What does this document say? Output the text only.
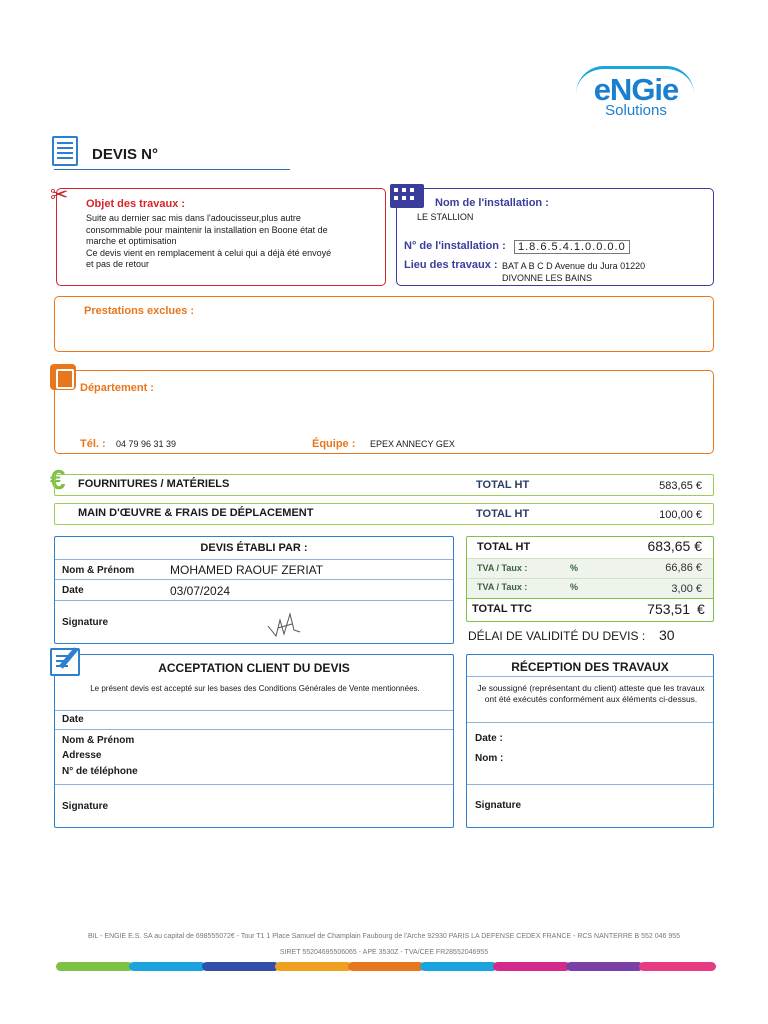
eNGie
Solutions
DEVIS N°
✂	Objet des travaux :
Suite au dernier sac mis dans l'adoucisseur,plus autre
consommable pour maintenir la installation en Boone état de
marche et optimisation
Ce devis vient en remplacement à celui qui a déjà été envoyé
et pas de retour
Nom de l'installation :
LE STALLION
N° de l'installation :	1.8.6.5.4.1.0.0.0.0
Lieu des travaux : BAT A B C D Avenue du Jura 01220
DIVONNE LES BAINS
Prestations exclues :
Département :
Tél. : 04 79 96 31 39	Équipe : EPEX ANNECY GEX
€	FOURNITURES / MATÉRIELS	TOTAL HT	583,65 €
MAIN D'ŒUVRE & FRAIS DE DÉPLACEMENT	TOTAL HT	100,00 €
DEVIS ÉTABLI PAR :
Nom & Prénom	MOHAMED RAOUF ZERIAT
Date	03/07/2024
Signature
TOTAL HT	683,65 €
TVA / Taux :	%	66,86 €
TVA / Taux :	%	3,00 €
TOTAL TTC	753,51 €
DÉLAI DE VALIDITÉ DU DEVIS : 30
ACCEPTATION CLIENT DU DEVIS
Le présent devis est accepté sur les bases des Conditions Générales de Vente mentionnées.
Date
Nom & Prénom
Adresse
N° de téléphone
Signature
RÉCEPTION DES TRAVAUX
Je soussigné (représentant du client) atteste que les travaux ont été exécutés conformément aux éléments ci-dessus.
Date :
Nom :
Signature
BIL - ENGIE E.S. SA au capital de 698555072€ - Tour T1 1 Place Samuel de Champlain Faubourg de l'Arche 92930 PARIS LA DEFENSE CEDEX FRANCE - RCS NANTERRE B 552 046 955
SIRET 55204695506065 - APE 3530Z - TVA/CEE FR28552046955
